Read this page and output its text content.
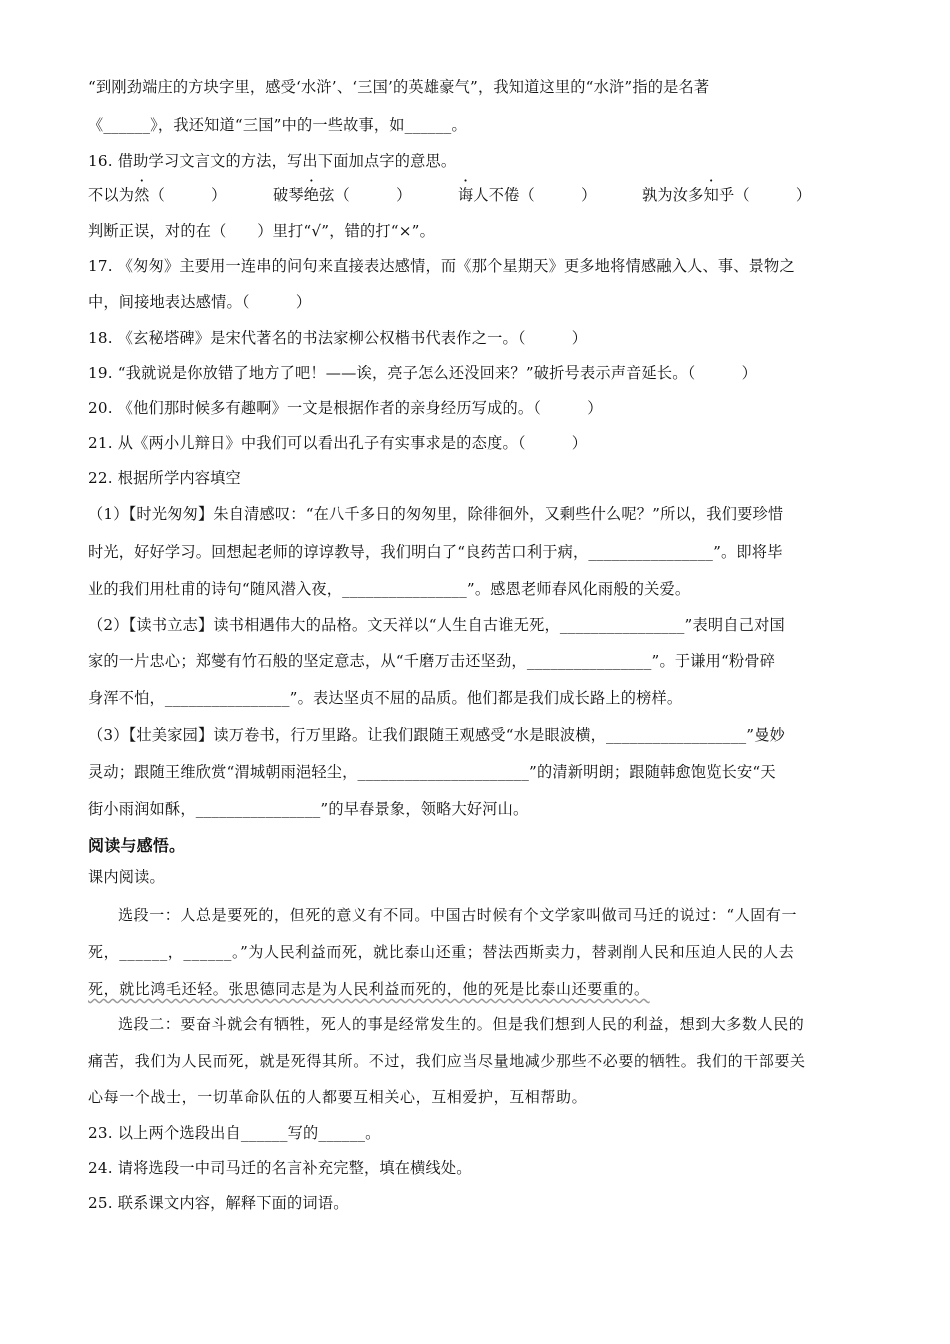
“到刚劲端庄的方块字里，感受‘水浒’、‘三国’的英雄豪气”，我知道这里的“水浒”指的是名著
《______》，我还知道“三国”中的一些故事，如______。
16. 借助学习文言文的方法，写出下面加点字的意思。
不以为然（　　　）	破琴绝弦（　　　）	诲人不倦（　　　）	孰为汝多知乎（　　　）
判断正误，对的在（　　）里打“√”，错的打“×”。
17. 《匆匆》主要用一连串的问句来直接表达感情，而《那个星期天》更多地将情感融入人、事、景物之
中，间接地表达感情。（　　　）
18. 《玄秘塔碑》是宋代著名的书法家柳公权楷书代表作之一。（　　　）
19. “我就说是你放错了地方了吧！——诶，亮子怎么还没回来？”破折号表示声音延长。（　　　）
20. 《他们那时候多有趣啊》一文是根据作者的亲身经历写成的。（　　　）
21. 从《两小儿辩日》中我们可以看出孔子有实事求是的态度。（　　　）
22. 根据所学内容填空
（1）【时光匆匆】朱自清感叹：“在八千多日的匆匆里，除徘徊外，又剩些什么呢？”所以，我们要珍惜
时光，好好学习。回想起老师的谆谆教导，我们明白了“良药苦口利于病，________________”。即将毕
业的我们用杜甫的诗句“随风潜入夜，________________”。感恩老师春风化雨般的关爱。
（2）【读书立志】读书相遇伟大的品格。文天祥以“人生自古谁无死，________________”表明自己对国
家的一片忠心；郑燮有竹石般的坚定意志，从“千磨万击还坚劲，________________”。于谦用“粉骨碎
身浑不怕，________________”。表达坚贞不屈的品质。他们都是我们成长路上的榜样。
（3）【壮美家园】读万卷书，行万里路。让我们跟随王观感受“水是眼波横，__________________”曼妙
灵动；跟随王维欣赏“渭城朝雨浥轻尘，______________________”的清新明朗；跟随韩愈饱览长安“天
街小雨润如酥，________________”的早春景象，领略大好河山。
阅读与感悟。
课内阅读。
选段一：人总是要死的，但死的意义有不同。中国古时候有个文学家叫做司马迁的说过：“人固有一
死，______，______。”为人民利益而死，就比泰山还重；替法西斯卖力，替剥削人民和压迫人民的人去
死，就比鸿毛还轻。张思德同志是为人民利益而死的，他的死是比泰山还要重的。
选段二：要奋斗就会有牺牲，死人的事是经常发生的。但是我们想到人民的利益，想到大多数人民的
痛苦，我们为人民而死，就是死得其所。不过，我们应当尽量地减少那些不必要的牺牲。我们的干部要关
心每一个战士，一切革命队伍的人都要互相关心，互相爱护，互相帮助。
23. 以上两个选段出自______写的______。
24. 请将选段一中司马迁的名言补充完整，填在横线处。
25. 联系课文内容，解释下面的词语。
